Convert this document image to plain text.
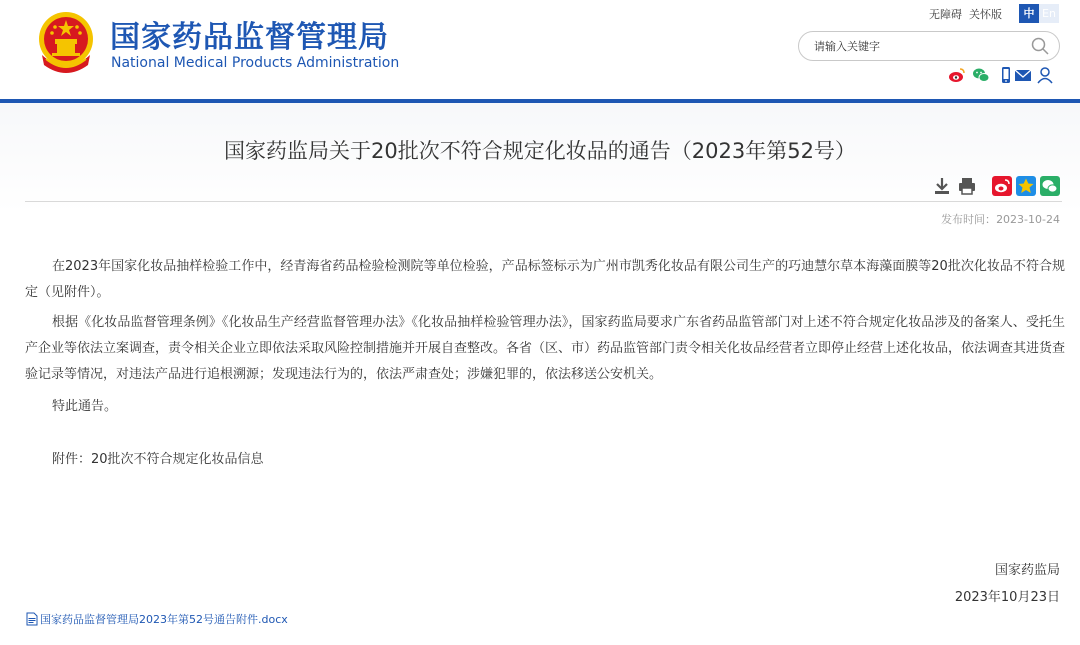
国家药品监督管理局
National Medical Products Administration
无障碍 关怀版	中 En
请输入关键字
国家药监局关于20批次不符合规定化妆品的通告（2023年第52号）
发布时间：2023-10-24
在2023年国家化妆品抽样检验工作中，经青海省药品检验检测院等单位检验，产品标签标示为广州市凯秀化妆品有限公司生产的巧迪慧尔草本海藻面膜等20批次化妆品不符合规定（见附件）。
根据《化妆品监督管理条例》《化妆品生产经营监督管理办法》《化妆品抽样检验管理办法》，国家药监局要求广东省药品监管部门对上述不符合规定化妆品涉及的备案人、受托生产企业等依法立案调查，责令相关企业立即依法采取风险控制措施并开展自查整改。各省（区、市）药品监管部门责令相关化妆品经营者立即停止经营上述化妆品，依法调查其进货查验记录等情况，对违法产品进行追根溯源；发现违法行为的，依法严肃查处；涉嫌犯罪的，依法移送公安机关。
特此通告。
附件：20批次不符合规定化妆品信息
国家药监局
2023年10月23日
国家药品监督管理局2023年第52号通告附件.docx
